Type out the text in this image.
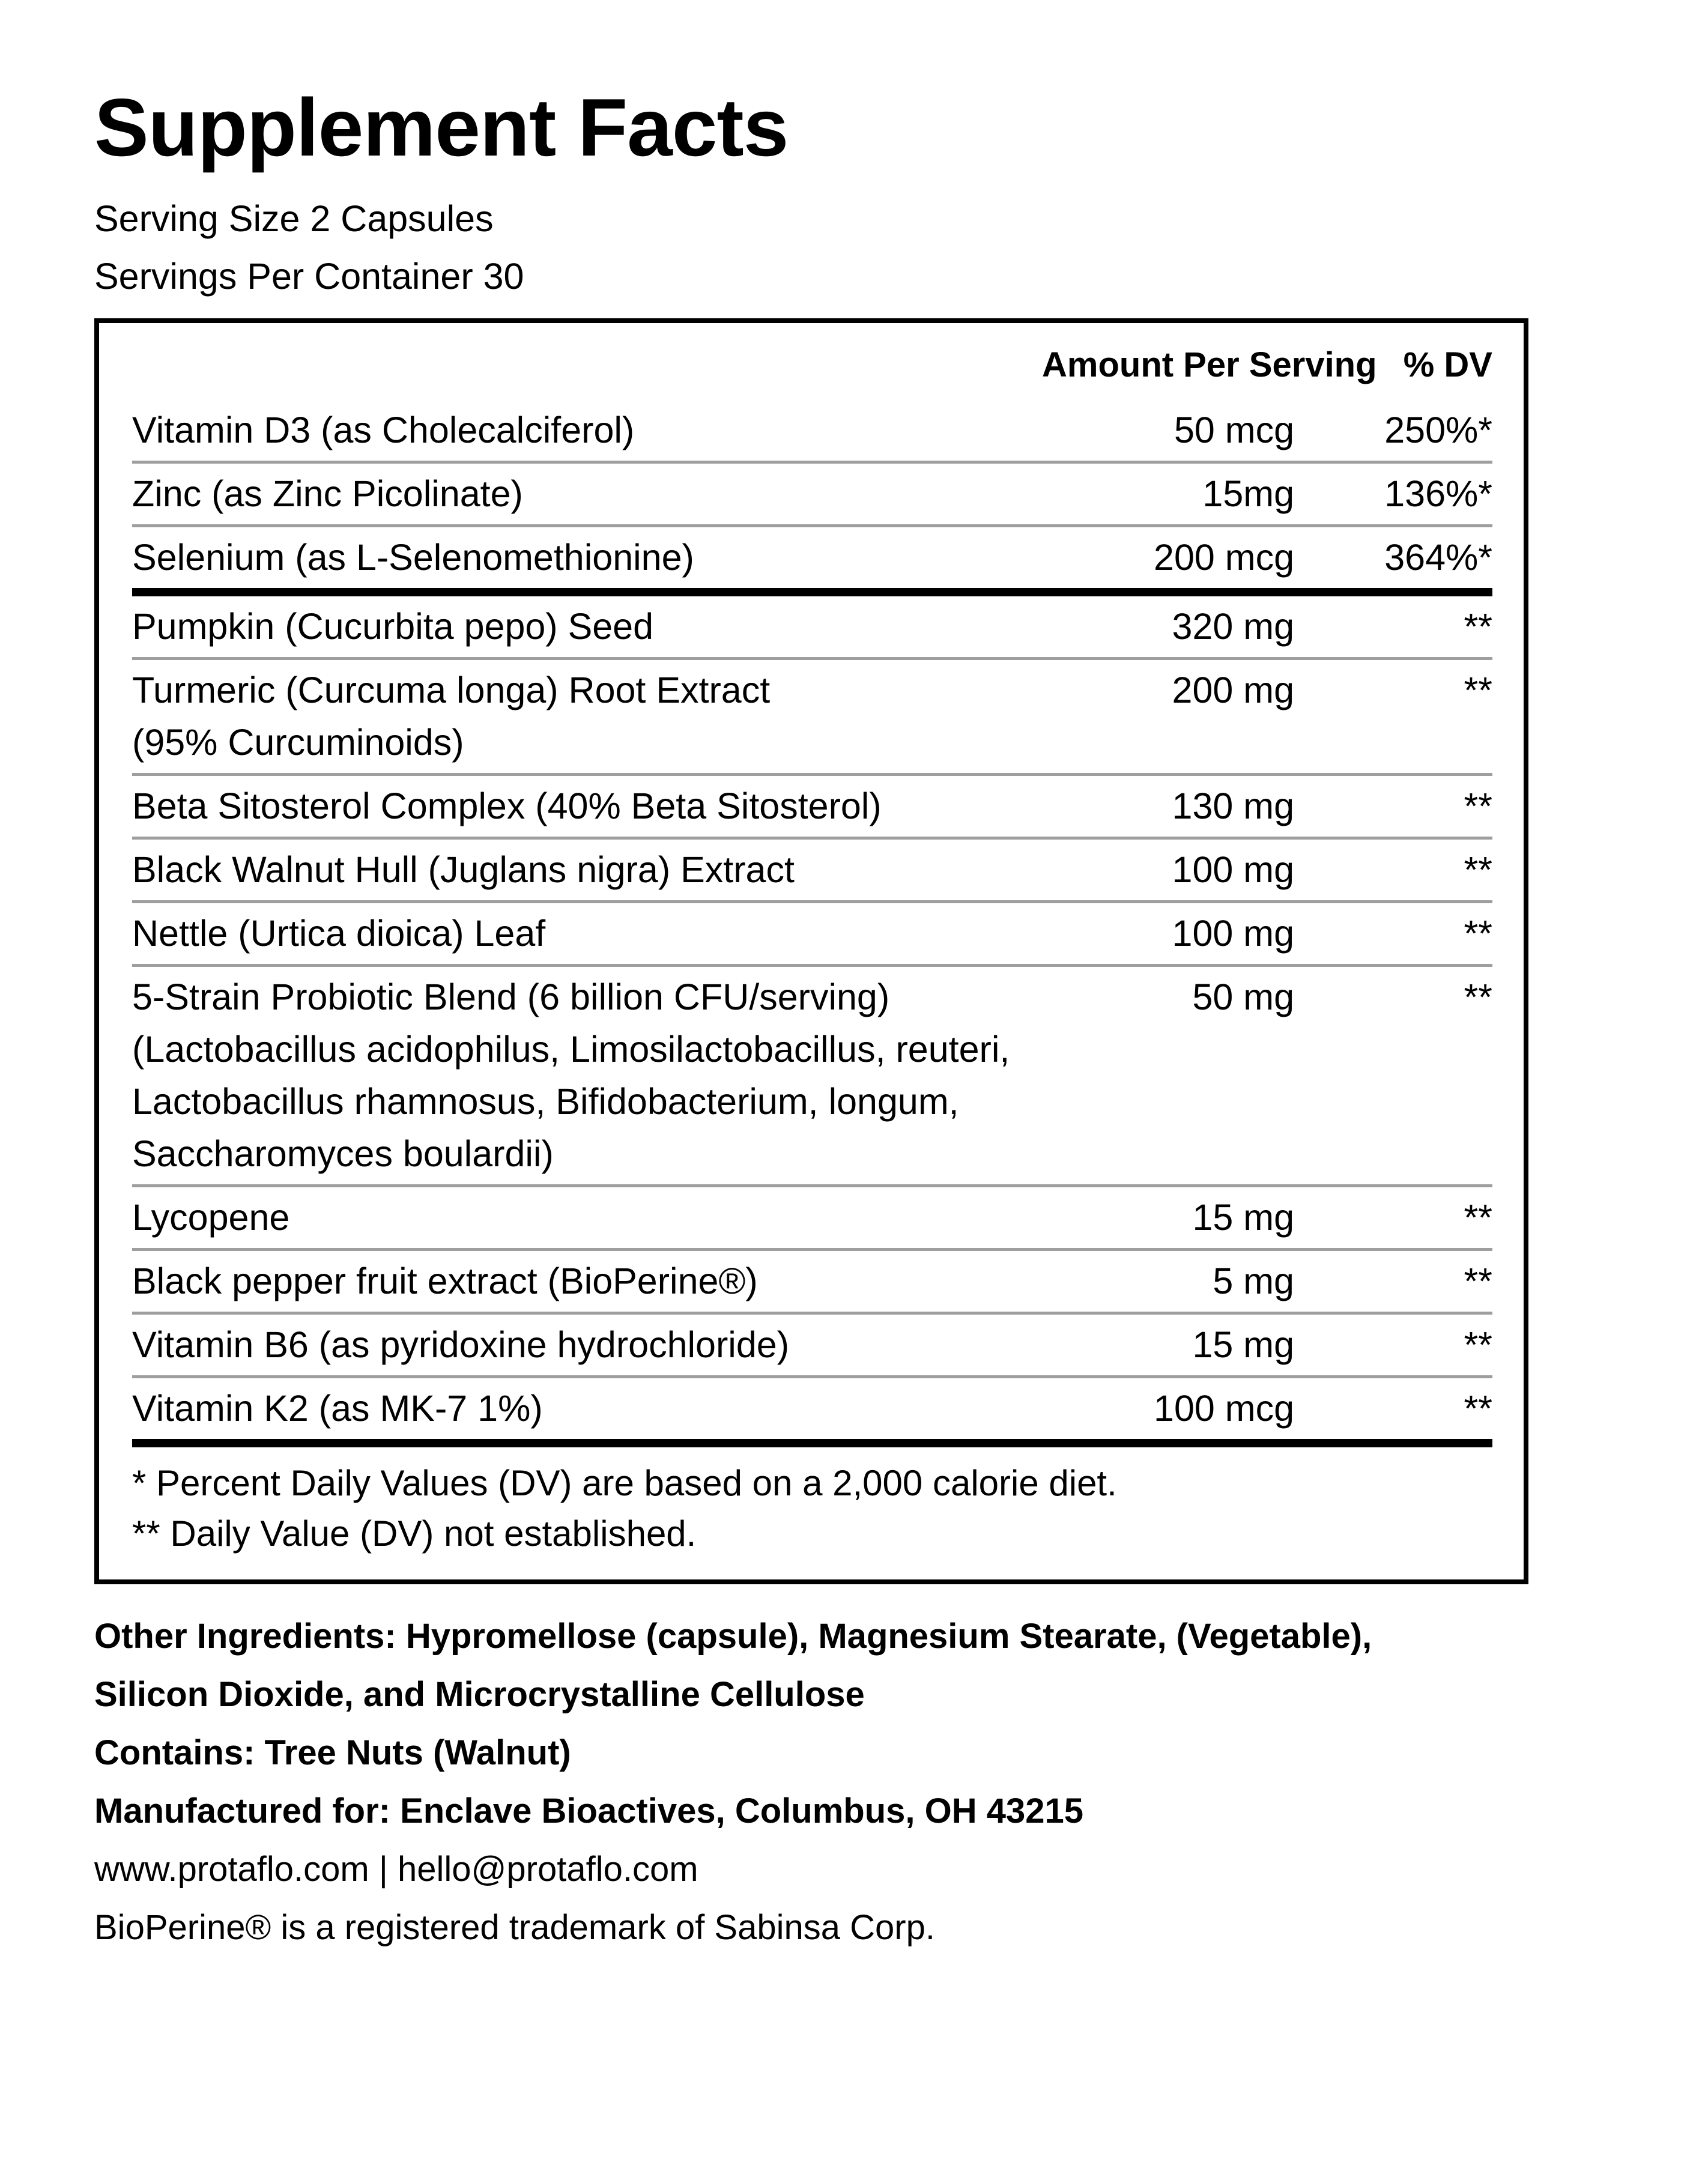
Supplement Facts
Serving Size 2 Capsules
Servings Per Container 30
Amount Per Serving % DV
Vitamin D3 (as Cholecalciferol)	50 mcg	250%*
Zinc (as Zinc Picolinate)	15mg	136%*
Selenium (as L-Selenomethionine)	200 mcg	364%*
Pumpkin (Cucurbita pepo) Seed	320 mg	**
Turmeric (Curcuma longa) Root Extract
(95% Curcuminoids)
200 mg	**
Beta Sitosterol Complex (40% Beta Sitosterol)	130 mg	**
Black Walnut Hull (Juglans nigra) Extract	100 mg	**
Nettle (Urtica dioica) Leaf	100 mg	**
5-Strain Probiotic Blend (6 billion CFU/serving)
(Lactobacillus acidophilus, Limosilactobacillus, reuteri,
Lactobacillus rhamnosus, Bifidobacterium, longum,
Saccharomyces boulardii)
50 mg	**
Lycopene	15 mg	**
Black pepper fruit extract (BioPerine®)	5 mg	**
Vitamin B6 (as pyridoxine hydrochloride)	15 mg	**
Vitamin K2 (as MK-7 1%)	100 mcg	**
* Percent Daily Values (DV) are based on a 2,000 calorie diet.
** Daily Value (DV) not established.
Other Ingredients: Hypromellose (capsule), Magnesium Stearate, (Vegetable),
Silicon Dioxide, and Microcrystalline Cellulose
Contains: Tree Nuts (Walnut)
Manufactured for: Enclave Bioactives, Columbus, OH 43215
www.protaflo.com | hello@protaflo.com
BioPerine® is a registered trademark of Sabinsa Corp.
